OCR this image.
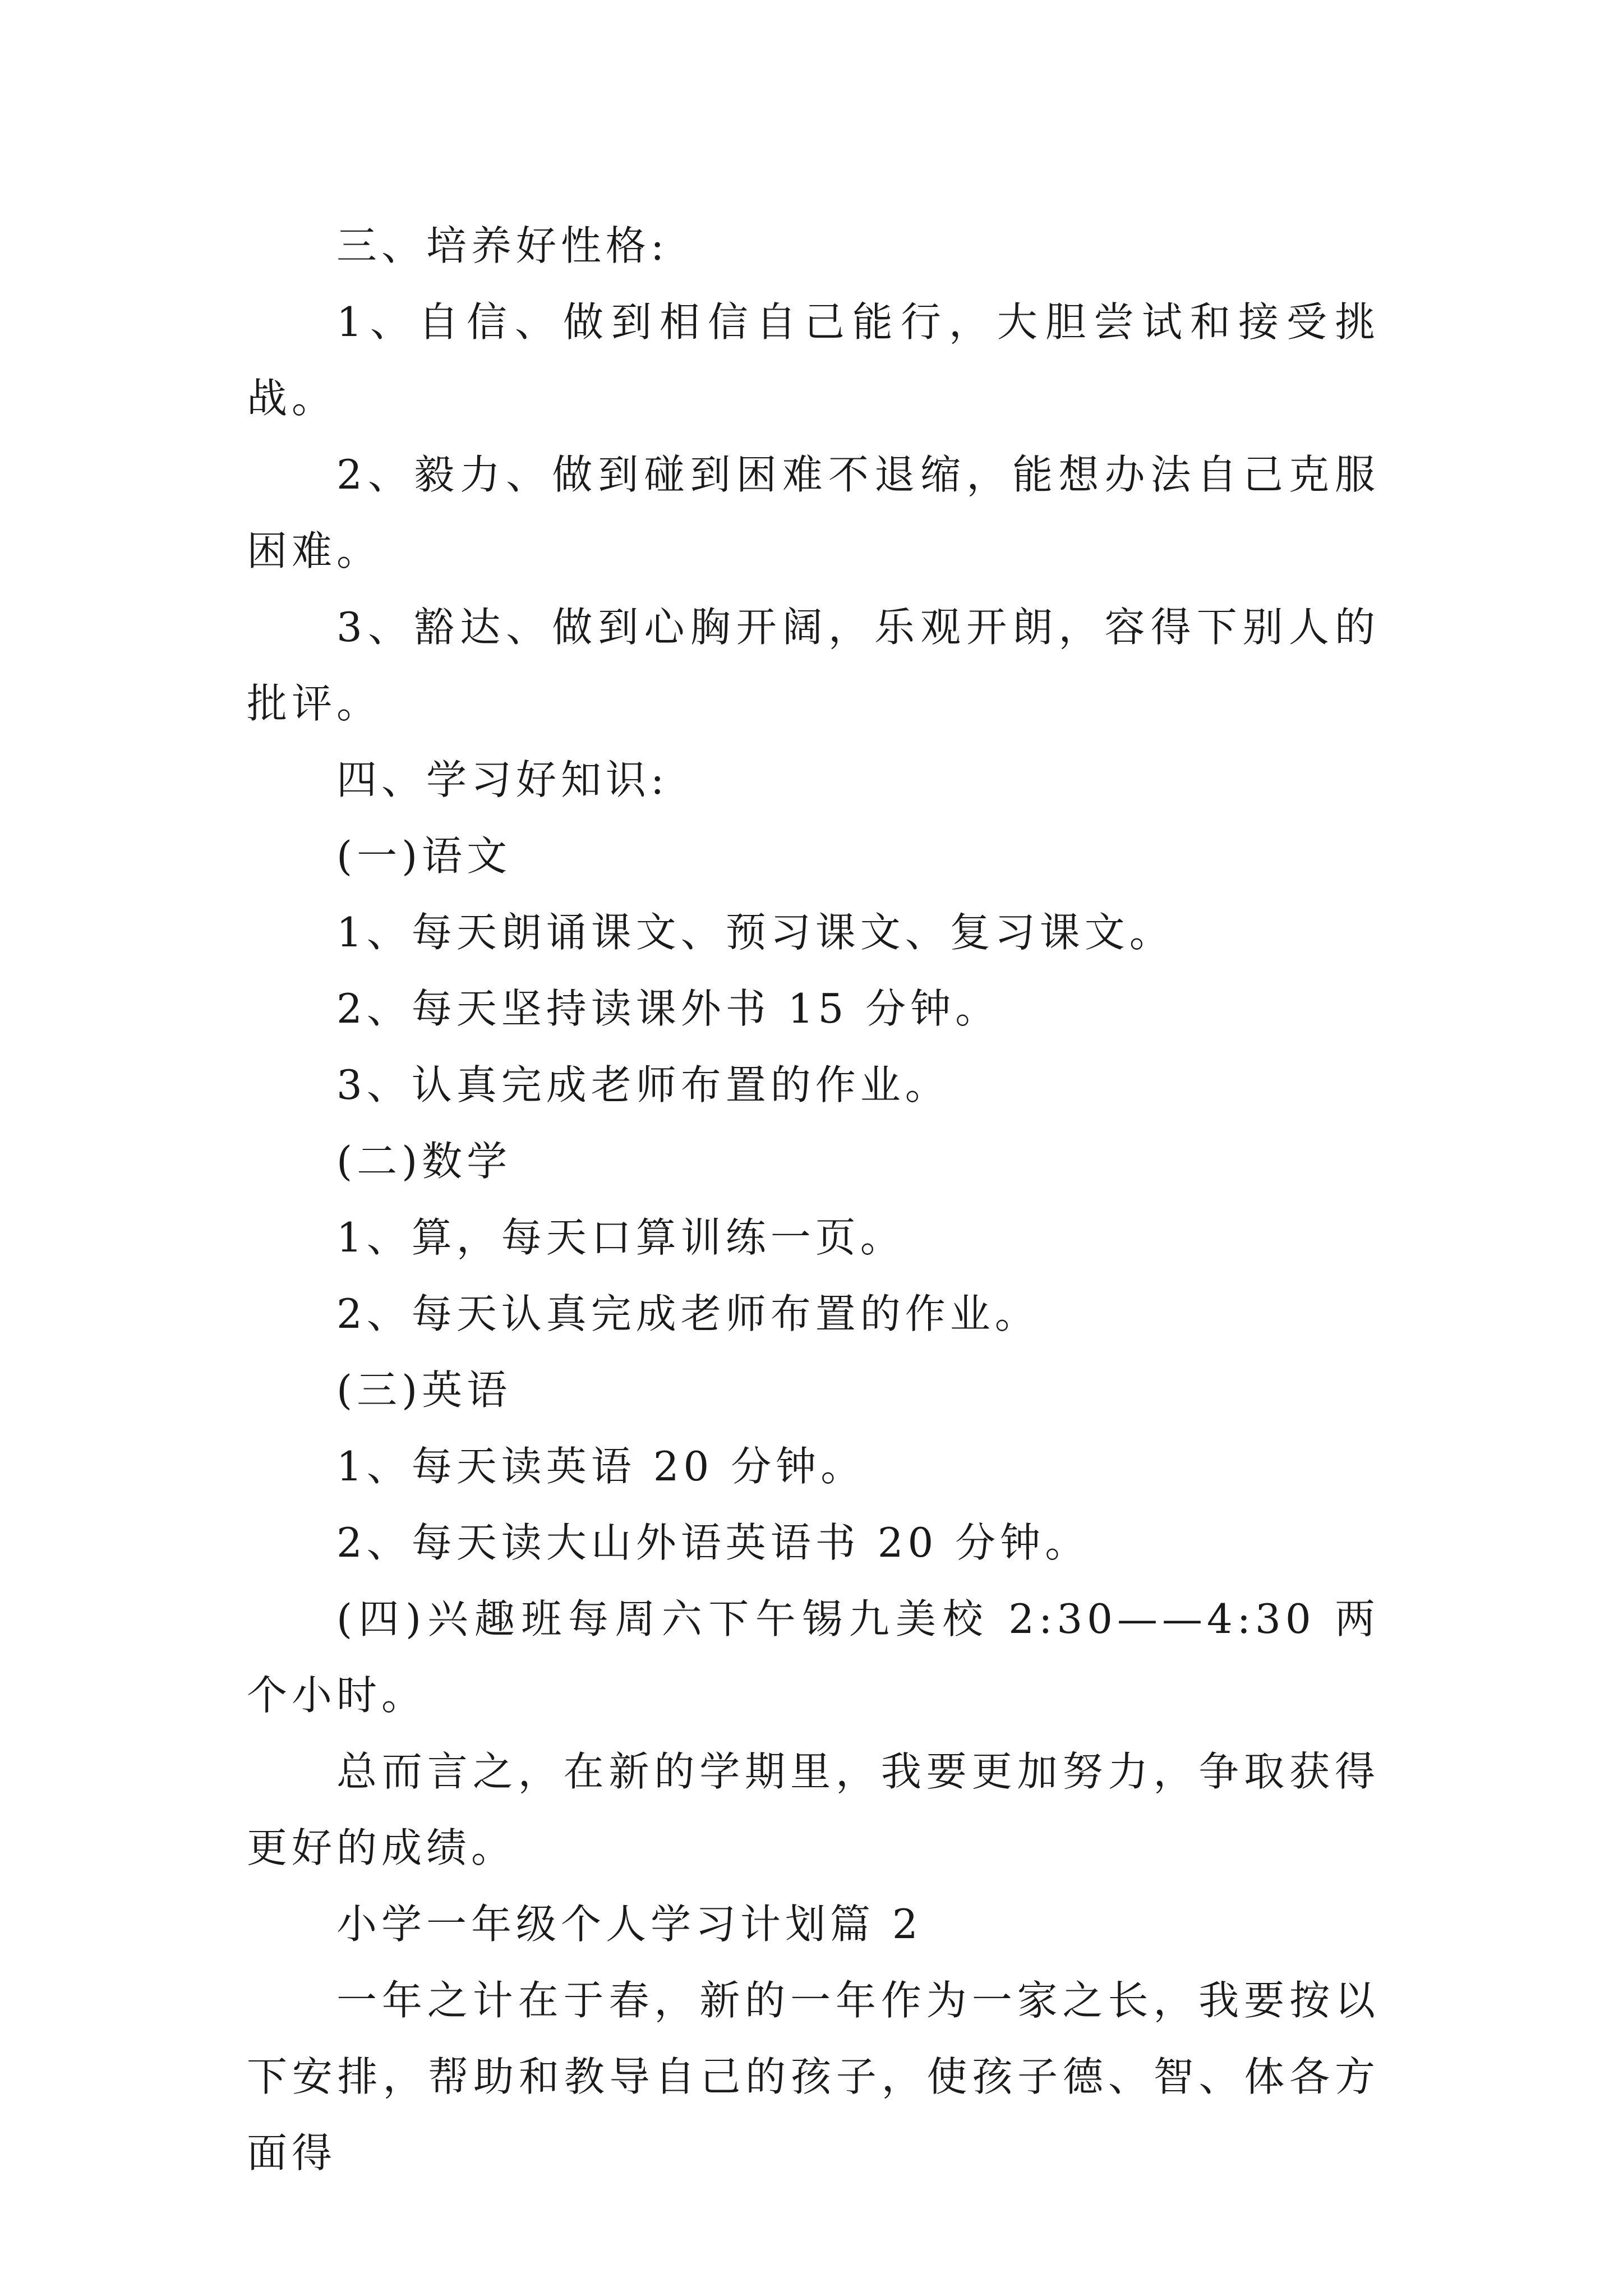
三、培养好性格:

1、自信、做到相信自己能行，大胆尝试和接受挑战。

2、毅力、做到碰到困难不退缩，能想办法自己克服困难。

3、豁达、做到心胸开阔，乐观开朗，容得下别人的批评。

四、学习好知识:

(一)语文

1、每天朗诵课文、预习课文、复习课文。

2、每天坚持读课外书 15 分钟。

3、认真完成老师布置的作业。

(二)数学

1、算，每天口算训练一页。

2、每天认真完成老师布置的作业。

(三)英语

1、每天读英语 20 分钟。

2、每天读大山外语英语书 20 分钟。

(四)兴趣班每周六下午锡九美校 2:30——4:30 两个小时。

总而言之，在新的学期里，我要更加努力，争取获得更好的成绩。

小学一年级个人学习计划篇 2

一年之计在于春，新的一年作为一家之长，我要按以下安排，帮助和教导自己的孩子，使孩子德、智、体各方面得
